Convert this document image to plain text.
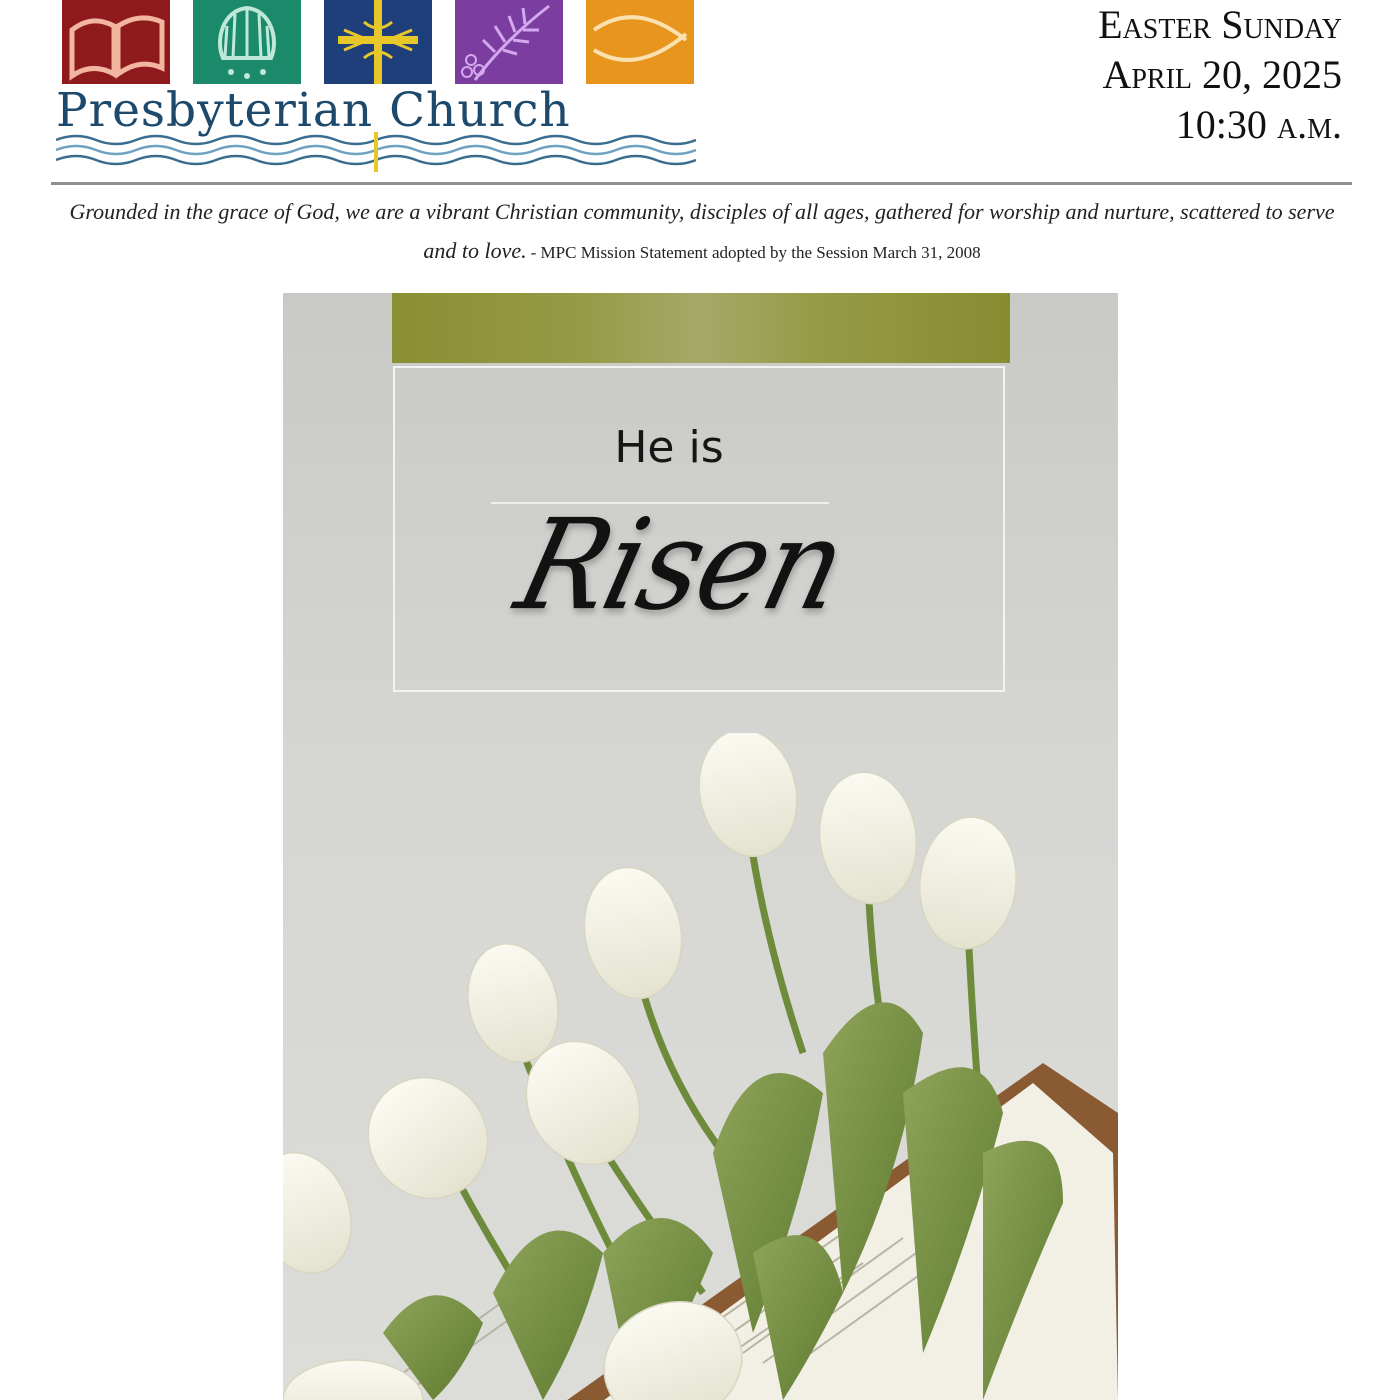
Presbyterian Church
Easter Sunday
April 20, 2025
10:30 a.m.
Grounded in the grace of God, we are a vibrant Christian community, disciples of all ages, gathered for worship and nurture, scattered to serve and to love. - MPC Mission Statement adopted by the Session March 31, 2008
He is
Risen
